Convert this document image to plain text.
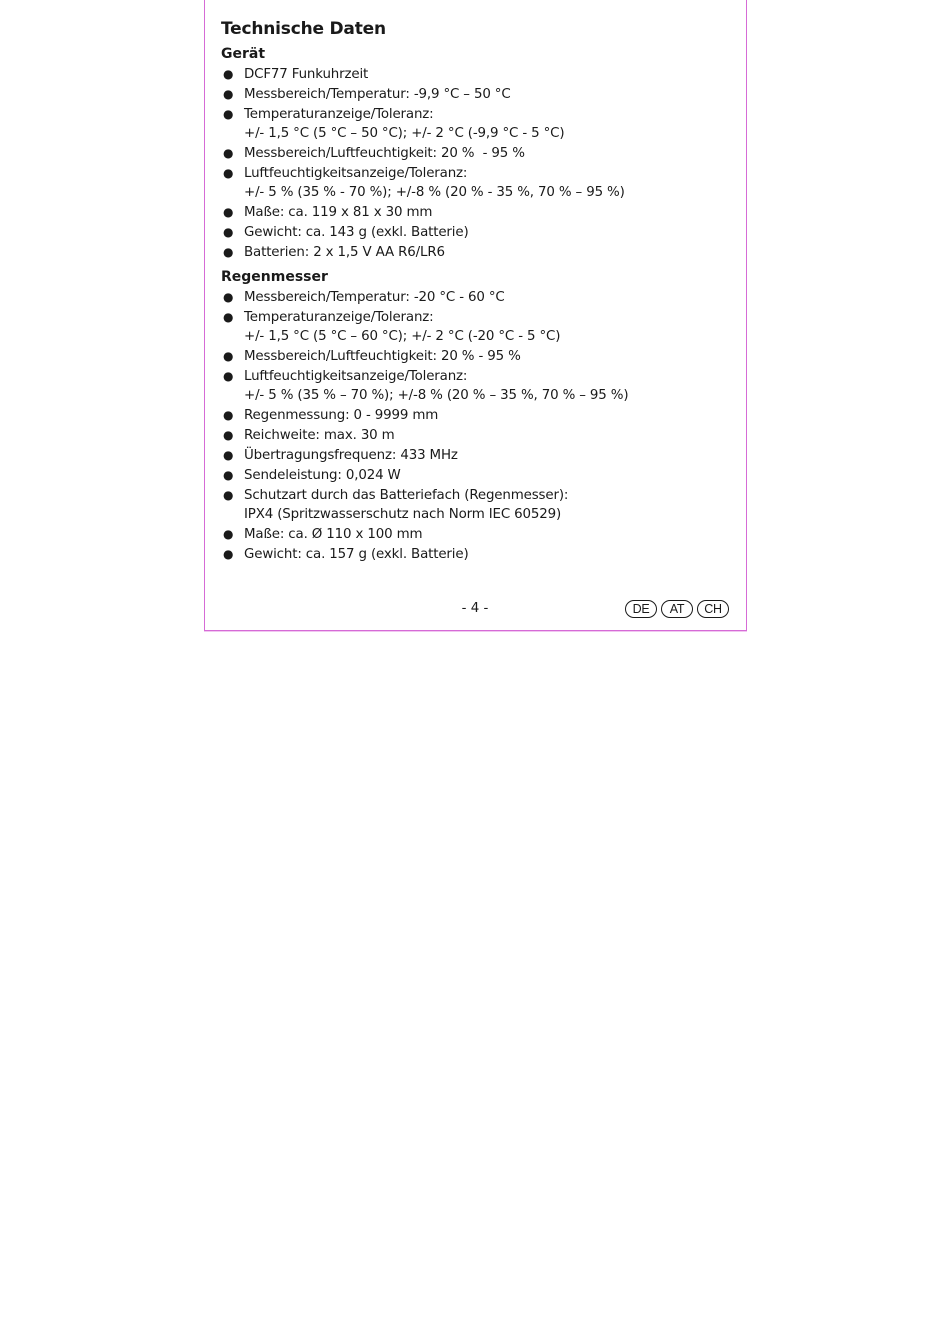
Technische Daten
Gerät
● DCF77 Funkuhrzeit
● Messbereich/Temperatur: -9,9 °C – 50 °C
● Temperaturanzeige/Toleranz:
+/- 1,5 °C (5 °C – 50 °C); +/- 2 °C (-9,9 °C - 5 °C)
● Messbereich/Luftfeuchtigkeit: 20 %  - 95 %
● Luftfeuchtigkeitsanzeige/Toleranz:
+/- 5 % (35 % - 70 %); +/-8 % (20 % - 35 %, 70 % – 95 %)
● Maße: ca. 119 x 81 x 30 mm
● Gewicht: ca. 143 g (exkl. Batterie)
● Batterien: 2 x 1,5 V AA R6/LR6
Regenmesser
● Messbereich/Temperatur: -20 °C - 60 °C
● Temperaturanzeige/Toleranz:
+/- 1,5 °C (5 °C – 60 °C); +/- 2 °C (-20 °C - 5 °C)
● Messbereich/Luftfeuchtigkeit: 20 % - 95 %
● Luftfeuchtigkeitsanzeige/Toleranz:
+/- 5 % (35 % – 70 %); +/-8 % (20 % – 35 %, 70 % – 95 %)
● Regenmessung: 0 - 9999 mm
● Reichweite: max. 30 m
● Übertragungsfrequenz: 433 MHz
● Sendeleistung: 0,024 W
● Schutzart durch das Batteriefach (Regenmesser):
IPX4 (Spritzwasserschutz nach Norm IEC 60529)
● Maße: ca. Ø 110 x 100 mm
● Gewicht: ca. 157 g (exkl. Batterie)
- 4 -	DE	AT	CH
